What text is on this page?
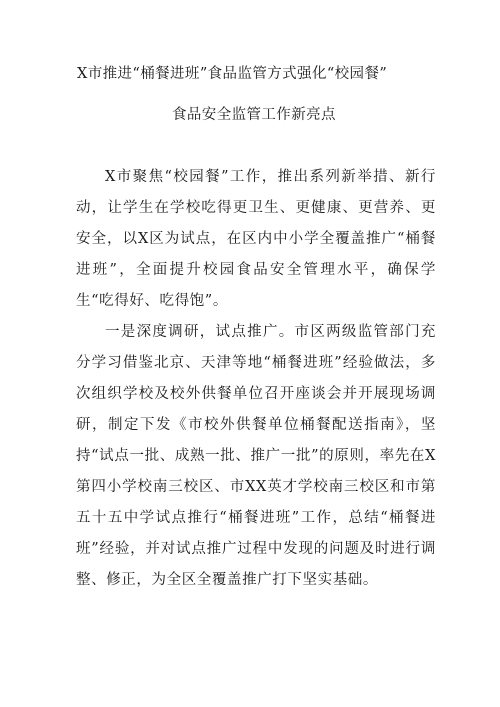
X市推进“桶餐进班”食品监管方式强化“校园餐”
食品安全监管工作新亮点

X市聚焦“校园餐”工作，推出系列新举措、新行动，让学生在学校吃得更卫生、更健康、更营养、更安全，以X区为试点，在区内中小学全覆盖推广“桶餐进班”，全面提升校园食品安全管理水平，确保学生“吃得好、吃得饱”。

一是深度调研，试点推广。市区两级监管部门充分学习借鉴北京、天津等地“桶餐进班”经验做法，多次组织学校及校外供餐单位召开座谈会并开展现场调研，制定下发《市校外供餐单位桶餐配送指南》，坚持“试点一批、成熟一批、推广一批”的原则，率先在X第四小学校南三校区、市XX英才学校南三校区和市第五十五中学试点推行“桶餐进班”工作，总结“桶餐进班”经验，并对试点推广过程中发现的问题及时进行调整、修正，为全区全覆盖推广打下坚实基础。
